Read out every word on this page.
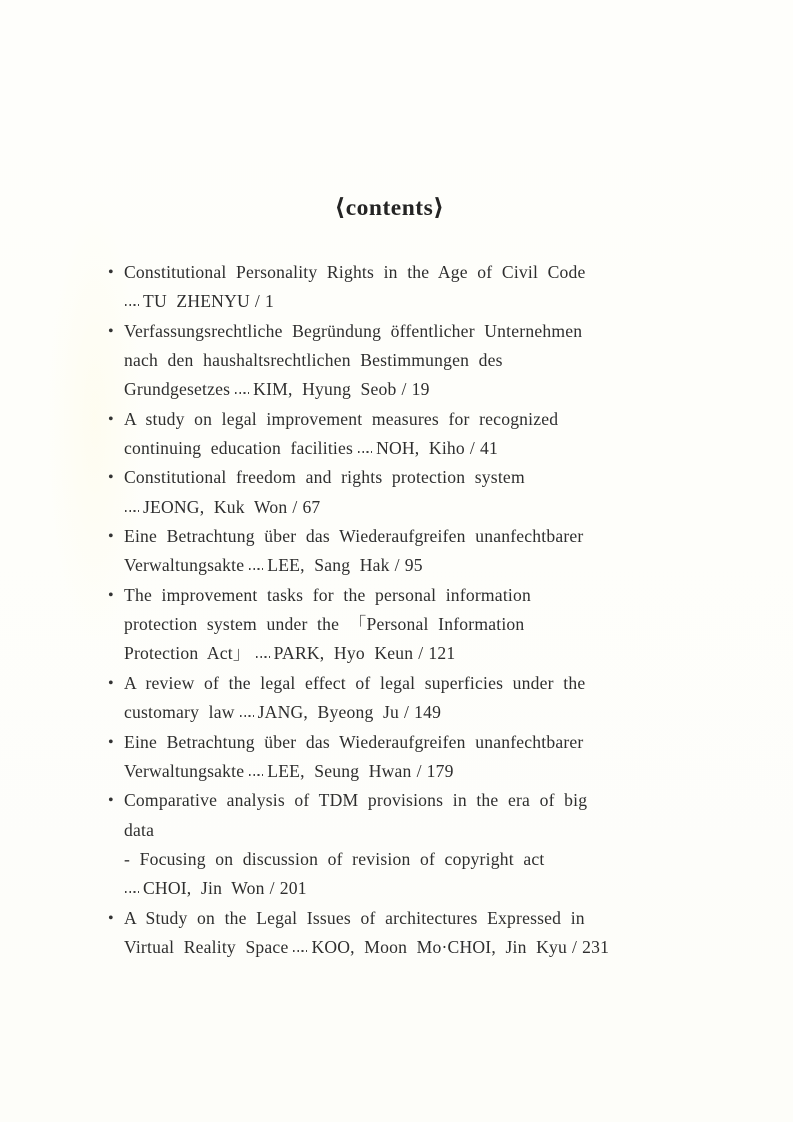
⟨contents⟩
• Constitutional Personality Rights in the Age of Civil Code
TU ZHENYU / 1
• Verfassungsrechtliche Begründung öffentlicher Unternehmen
nach den haushaltsrechtlichen Bestimmungen des
Grundgesetzes KIM, Hyung Seob / 19
• A study on legal improvement measures for recognized
continuing education facilities NOH, Kiho / 41
• Constitutional freedom and rights protection system
JEONG, Kuk Won / 67
• Eine Betrachtung über das Wiederaufgreifen unanfechtbarer
Verwaltungsakte LEE, Sang Hak / 95
• The improvement tasks for the personal information
protection system under the 「Personal Information
Protection Act」 PARK, Hyo Keun / 121
• A review of the legal effect of legal superficies under the
customary law JANG, Byeong Ju / 149
• Eine Betrachtung über das Wiederaufgreifen unanfechtbarer
Verwaltungsakte LEE, Seung Hwan / 179
• Comparative analysis of TDM provisions in the era of big
data
- Focusing on discussion of revision of copyright act
CHOI, Jin Won / 201
• A Study on the Legal Issues of architectures Expressed in
Virtual Reality Space KOO, Moon Mo·CHOI, Jin Kyu / 231
